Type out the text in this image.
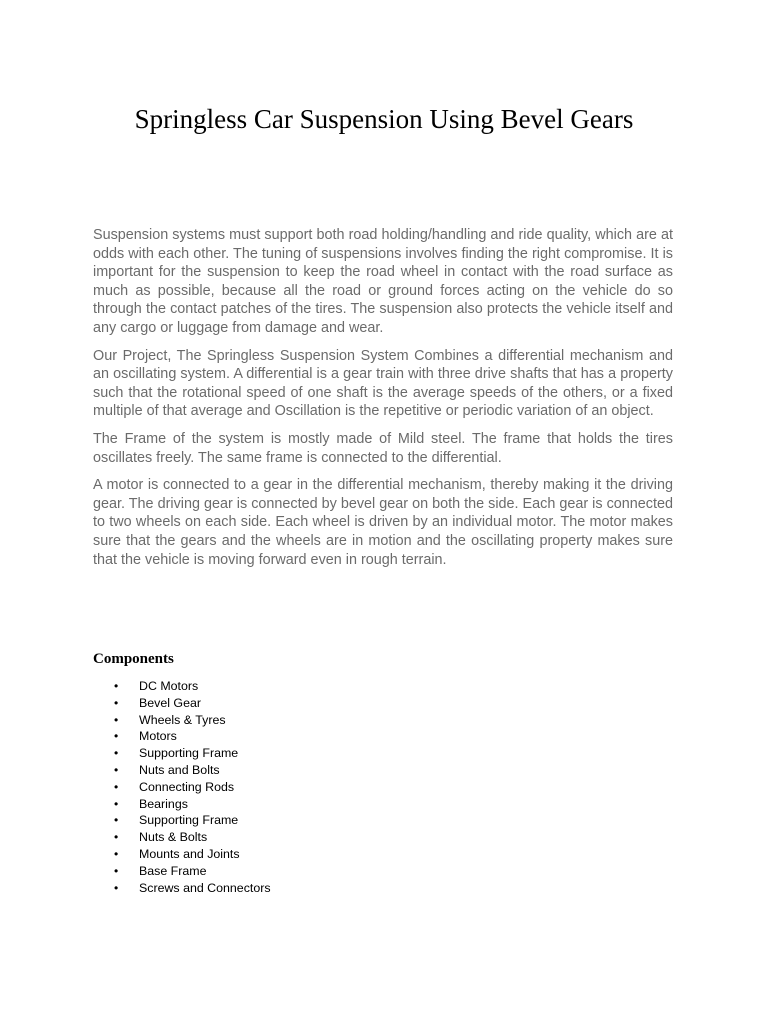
Springless Car Suspension Using Bevel Gears

Suspension systems must support both road holding/handling and ride quality, which are at odds with each other. The tuning of suspensions involves finding the right compromise. It is important for the suspension to keep the road wheel in contact with the road surface as much as possible, because all the road or ground forces acting on the vehicle do so through the contact patches of the tires. The suspension also protects the vehicle itself and any cargo or luggage from damage and wear.

Our Project, The Springless Suspension System Combines a differential mechanism and an oscillating system. A differential is a gear train with three drive shafts that has a property such that the rotational speed of one shaft is the average speeds of the others, or a fixed multiple of that average and Oscillation is the repetitive or periodic variation of an object.

The Frame of the system is mostly made of Mild steel. The frame that holds the tires oscillates freely. The same frame is connected to the differential.

A motor is connected to a gear in the differential mechanism, thereby making it the driving gear. The driving gear is connected by bevel gear on both the side. Each gear is connected to two wheels on each side. Each wheel is driven by an individual motor. The motor makes sure that the gears and the wheels are in motion and the oscillating property makes sure that the vehicle is moving forward even in rough terrain.

Components
• DC Motors
• Bevel Gear
• Wheels & Tyres
• Motors
• Supporting Frame
• Nuts and Bolts
• Connecting Rods
• Bearings
• Supporting Frame
• Nuts & Bolts
• Mounts and Joints
• Base Frame
• Screws and Connectors
